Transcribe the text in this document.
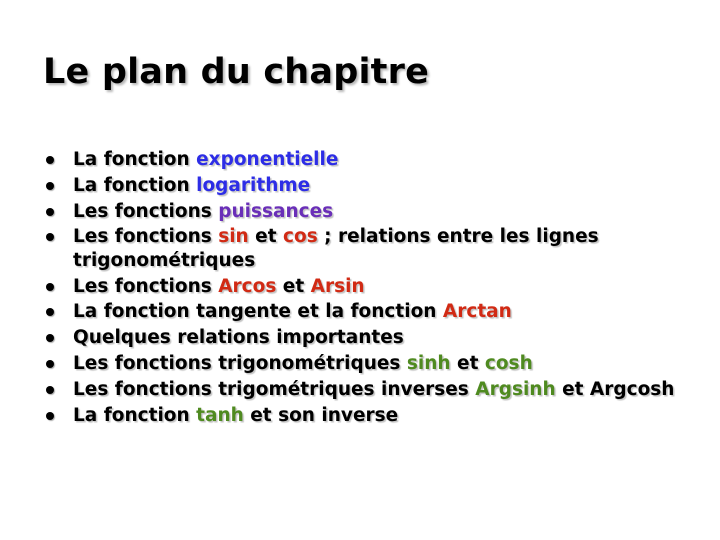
Le plan du chapitre
La fonction exponentielle
La fonction logarithme
Les fonctions puissances
Les fonctions sin et cos ; relations entre les lignes trigonométriques
Les fonctions Arcos et Arsin
La fonction tangente et la fonction Arctan
Quelques relations importantes
Les fonctions trigonométriques sinh et cosh
Les fonctions trigométriques inverses Argsinh et Argcosh
La fonction tanh et son inverse
